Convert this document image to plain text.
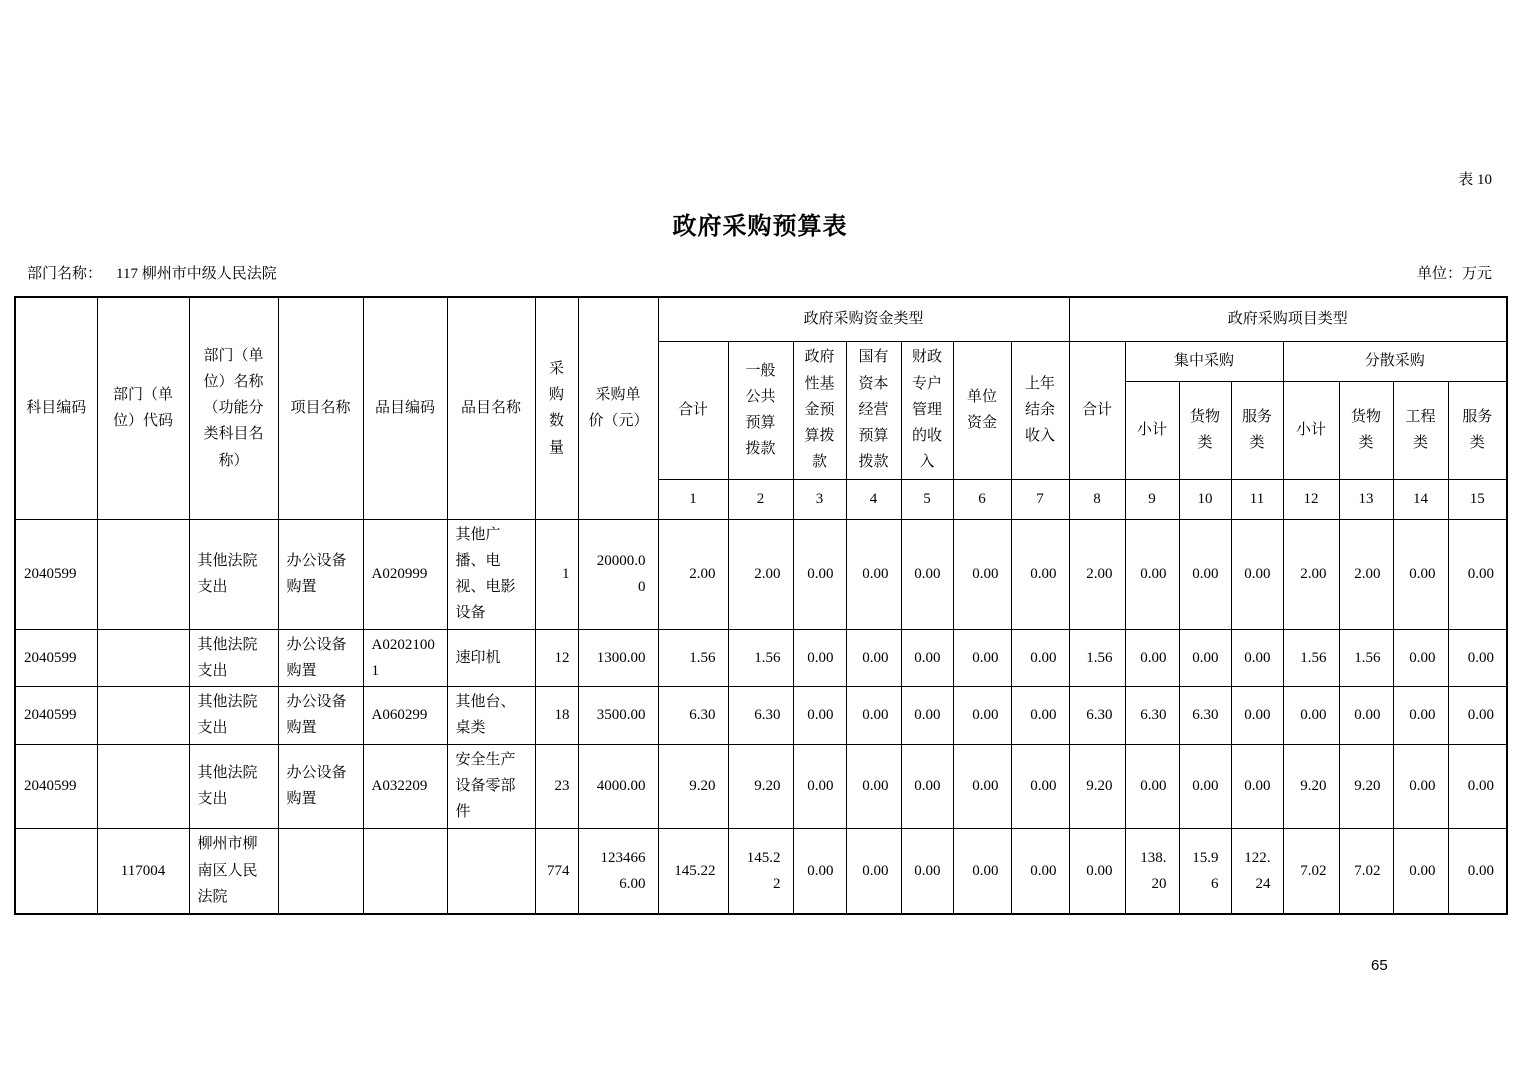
表 10
政府采购预算表
部门名称： 117 柳州市中级人民法院	单位：万元
科目编码	部门（单位）代码	部门（单位）名称（功能分类科目名称）	项目名称	品目编码	品目名称	采购数量	采购单价（元）	政府采购资金类型							政府采购项目类型							
								合计	一般公共预算拨款	政府性基金预算拨款	国有资本经营预算拨款	财政专户管理的收入	单位资金	上年结余收入	合计	集中采购			分散采购			
																小计	货物类	服务类	小计	货物类	工程类	服务类
								1	2	3	4	5	6	7	8	9	10	11	12	13	14	15
2040599		其他法院支出	办公设备购置	A020999	其他广播、电视、电影设备	1	20000.00	2.00	2.00	0.00	0.00	0.00	0.00	0.00	2.00	0.00	0.00	0.00	2.00	2.00	0.00	0.00
2040599		其他法院支出	办公设备购置	A02021001	速印机	12	1300.00	1.56	1.56	0.00	0.00	0.00	0.00	0.00	1.56	0.00	0.00	0.00	1.56	1.56	0.00	0.00
2040599		其他法院支出	办公设备购置	A060299	其他台、桌类	18	3500.00	6.30	6.30	0.00	0.00	0.00	0.00	0.00	6.30	6.30	6.30	0.00	0.00	0.00	0.00	0.00
2040599		其他法院支出	办公设备购置	A032209	安全生产设备零部件	23	4000.00	9.20	9.20	0.00	0.00	0.00	0.00	0.00	9.20	0.00	0.00	0.00	9.20	9.20	0.00	0.00
	117004	柳州市柳南区人民法院				774	1234666.00	145.22	145.22	0.00	0.00	0.00	0.00	0.00	0.00	138.20	15.96	122.24	7.02	7.02	0.00	0.00
65
